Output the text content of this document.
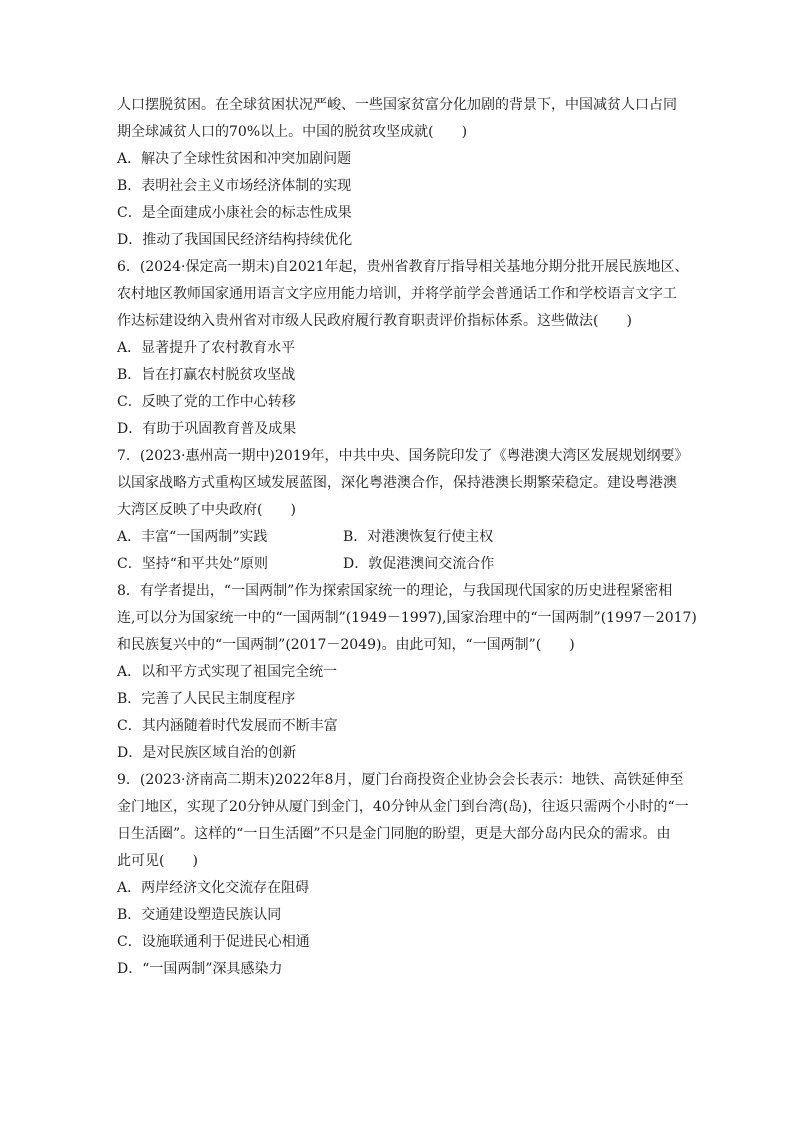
人口摆脱贫困。在全球贫困状况严峻、一些国家贫富分化加剧的背景下，中国减贫人口占同
期全球减贫人口的70%以上。中国的脱贫攻坚成就(　　)
A．解决了全球性贫困和冲突加剧问题
B．表明社会主义市场经济体制的实现
C．是全面建成小康社会的标志性成果
D．推动了我国国民经济结构持续优化
6．(2024·保定高一期末)自2021年起，贵州省教育厅指导相关基地分期分批开展民族地区、
农村地区教师国家通用语言文字应用能力培训，并将学前学会普通话工作和学校语言文字工
作达标建设纳入贵州省对市级人民政府履行教育职责评价指标体系。这些做法(　　)
A．显著提升了农村教育水平
B．旨在打赢农村脱贫攻坚战
C．反映了党的工作中心转移
D．有助于巩固教育普及成果
7．(2023·惠州高一期中)2019年，中共中央、国务院印发了《粤港澳大湾区发展规划纲要》
以国家战略方式重构区域发展蓝图，深化粤港澳合作，保持港澳长期繁荣稳定。建设粤港澳
大湾区反映了中央政府(　　)
A．丰富“一国两制”实践	B．对港澳恢复行使主权
C．坚持“和平共处”原则	D．敦促港澳间交流合作
8．有学者提出，“一国两制”作为探索国家统一的理论，与我国现代国家的历史进程紧密相
连,可以分为国家统一中的“一国两制”(1949－1997),国家治理中的“一国两制”(1997－2017)
和民族复兴中的“一国两制”(2017－2049)。由此可知，“一国两制”(　　)
A．以和平方式实现了祖国完全统一
B．完善了人民民主制度程序
C．其内涵随着时代发展而不断丰富
D．是对民族区域自治的创新
9．(2023·济南高二期末)2022年8月，厦门台商投资企业协会会长表示：地铁、高铁延伸至
金门地区，实现了20分钟从厦门到金门，40分钟从金门到台湾(岛)，往返只需两个小时的“一
日生活圈”。这样的“一日生活圈”不只是金门同胞的盼望，更是大部分岛内民众的需求。由
此可见(　　)
A．两岸经济文化交流存在阻碍
B．交通建设塑造民族认同
C．设施联通利于促进民心相通
D．“一国两制”深具感染力
